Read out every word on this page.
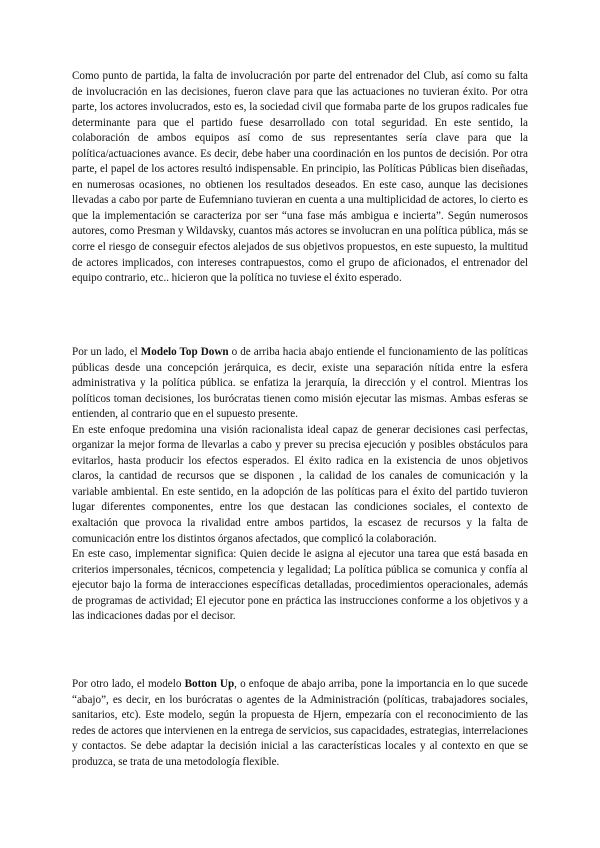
Como punto de partida, la falta de involucración por parte del entrenador del Club, así como su falta de involucración en las decisiones, fueron clave para que las actuaciones no tuvieran éxito. Por otra parte, los actores involucrados, esto es, la sociedad civil que formaba parte de los grupos radicales fue determinante para que el partido fuese desarrollado con total seguridad. En este sentido, la colaboración de ambos equipos así como de sus representantes sería clave para que la política/actuaciones avance. Es decir, debe haber una coordinación en los puntos de decisión. Por otra parte, el papel de los actores resultó indispensable. En principio, las Políticas Públicas bien diseñadas, en numerosas ocasiones, no obtienen los resultados deseados. En este caso, aunque las decisiones llevadas a cabo por parte de Eufemniano tuvieran en cuenta a una multiplicidad de actores, lo cierto es que la implementación se caracteriza por ser “una fase más ambigua e incierta”. Según numerosos autores, como Presman y Wildavsky, cuantos más actores se involucran en una política pública, más se corre el riesgo de conseguir efectos alejados de sus objetivos propuestos, en este supuesto, la multitud de actores implicados, con intereses contrapuestos, como el grupo de aficionados, el entrenador del equipo contrario, etc.. hicieron que la política no tuviese el éxito esperado.

Por un lado, el Modelo Top Down o de arriba hacia abajo entiende el funcionamiento de las políticas públicas desde una concepción jerárquica, es decir, existe una separación nítida entre la esfera administrativa y la política pública. se enfatiza la jerarquía, la dirección y el control. Mientras los políticos toman decisiones, los burócratas tienen como misión ejecutar las mismas. Ambas esferas se entienden, al contrario que en el supuesto presente.
En este enfoque predomina una visión racionalista ideal capaz de generar decisiones casi perfectas, organizar la mejor forma de llevarlas a cabo y prever su precisa ejecución y posibles obstáculos para evitarlos, hasta producir los efectos esperados. El éxito radica en la existencia de unos objetivos claros, la cantidad de recursos que se disponen , la calidad de los canales de comunicación y la variable ambiental. En este sentido, en la adopción de las políticas para el éxito del partido tuvieron lugar diferentes componentes, entre los que destacan las condiciones sociales, el contexto de exaltación que provoca la rivalidad entre ambos partidos, la escasez de recursos y la falta de comunicación entre los distintos órganos afectados, que complicó la colaboración.
En este caso, implementar significa: Quien decide le asigna al ejecutor una tarea que está basada en criterios impersonales, técnicos, competencia y legalidad; La política pública se comunica y confía al ejecutor bajo la forma de interacciones específicas detalladas, procedimientos operacionales, además de programas de actividad; El ejecutor pone en práctica las instrucciones conforme a los objetivos y a las indicaciones dadas por el decisor.

Por otro lado, el modelo Botton Up, o enfoque de abajo arriba, pone la importancia en lo que sucede “abajo”, es decir, en los burócratas o agentes de la Administración (políticas, trabajadores sociales, sanitarios, etc). Este modelo, según la propuesta de Hjern, empezaría con el reconocimiento de las redes de actores que intervienen en la entrega de servicios, sus capacidades, estrategias, interrelaciones y contactos. Se debe adaptar la decisión inicial a las características locales y al contexto en que se produzca, se trata de una metodología flexible.
